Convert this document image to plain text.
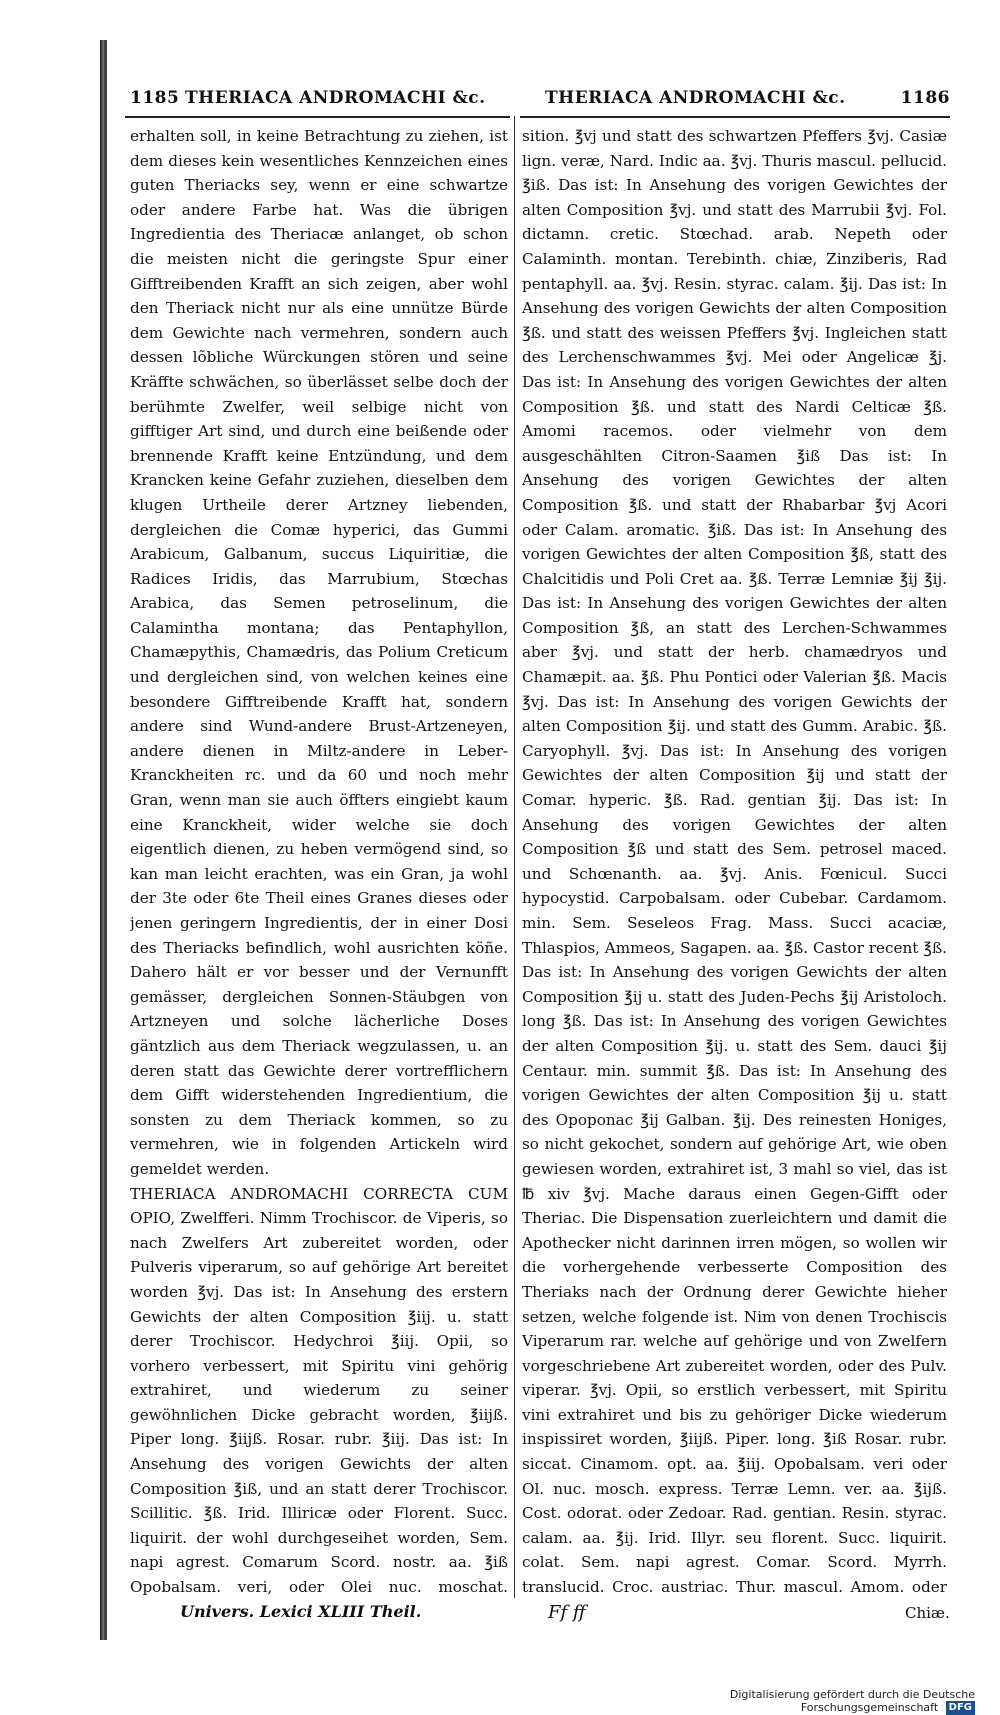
1185 THERIACA ANDROMACHI &c.	THERIACA ANDROMACHI &c.	1186

erhalten soll, in keine Betrachtung zu ziehen, ist dem dieses kein wesentliches Kennzeichen eines guten Theriacks sey, wenn er eine schwartze oder andere Farbe hat. Was die übrigen Ingredientia des Theriacæ anlanget, ob schon die meisten nicht die geringste Spur einer Gifftreibenden Krafft an sich zeigen, aber wohl den Theriack nicht nur als eine unnütze Bürde dem Gewichte nach vermehren, sondern auch dessen lõbliche Würckungen stören und seine Kräffte schwächen, so überlässet selbe doch der berühmte Zwelfer, weil selbige nicht von gifftiger Art sind, und durch eine beißende oder brennende Krafft keine Entzündung, und dem Krancken keine Gefahr zuziehen, dieselben dem klugen Urtheile derer Artzney liebenden, dergleichen die Comæ hyperici, das Gummi Arabicum, Galbanum, succus Liquiritiæ, die Radices Iridis, das Marrubium, Stœchas Arabica, das Semen petroselinum, die Calamintha montana; das Pentaphyllon, Chamæpythis, Chamædris, das Polium Creticum und dergleichen sind, von welchen keines eine besondere Gifftreibende Krafft hat, sondern andere sind Wund-andere Brust-Artzeneyen, andere dienen in Miltz-andere in Leber-Kranckheiten rc. und da 60 und noch mehr Gran, wenn man sie auch öffters eingiebt kaum eine Kranckheit, wider welche sie doch eigentlich dienen, zu heben vermögend sind, so kan man leicht erachten, was ein Gran, ja wohl der 3te oder 6te Theil eines Granes dieses oder jenen geringern Ingredientis, der in einer Dosi des Theriacks befindlich, wohl ausrichten köñe. Dahero hält er vor besser und der Vernunfft gemässer, dergleichen Sonnen-Stäubgen von Artzneyen und solche lächerliche Doses gäntzlich aus dem Theriack wegzulassen, u. an deren statt das Gewichte derer vortrefflichern dem Gifft widerstehenden Ingredientium, die sonsten zu dem Theriack kommen, so zu vermehren, wie in folgenden Artickeln wird gemeldet werden.

THERIACA ANDROMACHI CORRECTA CUM OPIO, Zwelfferi. Nimm Trochiscor. de Viperis, so nach Zwelfers Art zubereitet worden, oder Pulveris viperarum, so auf gehörige Art bereitet worden ℥vj. Das ist: In Ansehung des erstern Gewichts der alten Composition ℥iij. u. statt derer Trochiscor. Hedychroi ℥iij. Opii, so vorhero verbessert, mit Spiritu vini gehörig extrahiret, und wiederum zu seiner gewöhnlichen Dicke gebracht worden, ℥iijß. Piper long. ℥iijß. Rosar. rubr. ℥iij. Das ist: In Ansehung des vorigen Gewichts der alten Composition ℥iß, und an statt derer Trochiscor. Scillitic. ℥ß. Irid. Illiricæ oder Florent. Succ. liquirit. der wohl durchgeseihet worden, Sem. napi agrest. Comarum Scord. nostr. aa. ℥iß Opobalsam. veri, oder Olei nuc. moschat.

sition. ℥vj und statt des schwartzen Pfeffers ℥vj. Casiæ lign. veræ, Nard. Indic aa. ℥vj. Thuris mascul. pellucid. ℥iß. Das ist: In Ansehung des vorigen Gewichtes der alten Composition ℥vj. und statt des Marrubii ℥vj. Fol. dictamn. cretic. Stœchad. arab. Nepeth oder Calaminth. montan. Terebinth. chiæ, Zinziberis, Rad pentaphyll. aa. ℥vj. Resin. styrac. calam. ℥ij. Das ist: In Ansehung des vorigen Gewichts der alten Composition ℥ß. und statt des weissen Pfeffers ℥vj. Ingleichen statt des Lerchenschwammes ℥vj. Mei oder Angelicæ ℥j. Das ist: In Ansehung des vorigen Gewichtes der alten Composition ℥ß. und statt des Nardi Celticæ ℥ß. Amomi racemos. oder vielmehr von dem ausgeschählten Citron-Saamen ℥iß Das ist: In Ansehung des vorigen Gewichtes der alten Composition ℥ß. und statt der Rhabarbar ℥vj Acori oder Calam. aromatic. ℥iß. Das ist: In Ansehung des vorigen Gewichtes der alten Composition ℥ß, statt des Chalcitidis und Poli Cret aa. ℥ß. Terræ Lemniæ ℥ij ℥ij. Das ist: In Ansehung des vorigen Gewichtes der alten Composition ℥ß, an statt des Lerchen-Schwammes aber ℥vj. und statt der herb. chamædryos und Chamæpit. aa. ℥ß. Phu Pontici oder Valerian ℥ß. Macis ℥vj. Das ist: In Ansehung des vorigen Gewichts der alten Composition ℥ij. und statt des Gumm. Arabic. ℥ß. Caryophyll. ℥vj. Das ist: In Ansehung des vorigen Gewichtes der alten Composition ℥ij und statt der Comar. hyperic. ℥ß. Rad. gentian ℥ij. Das ist: In Ansehung des vorigen Gewichtes der alten Composition ℥ß und statt des Sem. petrosel maced. und Schœnanth. aa. ℥vj. Anis. Fœnicul. Succi hypocystid. Carpobalsam. oder Cubebar. Cardamom. min. Sem. Seseleos Frag. Mass. Succi acaciæ, Thlaspios, Ammeos, Sagapen. aa. ℥ß. Castor recent ℥ß. Das ist: In Ansehung des vorigen Gewichts der alten Composition ℥ij u. statt des Juden-Pechs ℥ij Aristoloch. long ℥ß. Das ist: In Ansehung des vorigen Gewichtes der alten Composition ℥ij. u. statt des Sem. dauci ℥ij Centaur. min. summit ℥ß. Das ist: In Ansehung des vorigen Gewichtes der alten Composition ℥ij u. statt des Opoponac ℥ij Galban. ℥ij. Des reinesten Honiges, so nicht gekochet, sondern auf gehörige Art, wie oben gewiesen worden, extrahiret ist, 3 mahl so viel, das ist ℔ xiv ℥vj. Mache daraus einen Gegen-Gifft oder Theriac. Die Dispensation zuerleichtern und damit die Apothecker nicht darinnen irren mögen, so wollen wir die vorhergehende verbesserte Composition des Theriaks nach der Ordnung derer Gewichte hieher setzen, welche folgende ist. Nim von denen Trochiscis Viperarum rar. welche auf gehörige und von Zwelfern vorgeschriebene Art zubereitet worden, oder des Pulv. viperar. ℥vj. Opii, so erstlich verbessert, mit Spiritu vini extrahiret und bis zu gehöriger Dicke wiederum inspissiret worden, ℥iijß. Piper. long. ℥iß Rosar. rubr. siccat. Cinamom. opt. aa. ℥iij. Opobalsam. veri oder Ol. nuc. mosch. express. Terræ Lemn. ver. aa. ℥ijß. Cost. odorat. oder Zedoar. Rad. gentian. Resin. styrac. calam. aa. ℥ij. Irid. Illyr. seu florent. Succ. liquirit. colat. Sem. napi agrest. Comar. Scord. Myrrh. translucid. Croc. austriac. Thur. mascul. Amom. oder

Univers. Lexici XLIII Theil.	Ff ff	Chiæ.
Digitalisierung gefördert durch die Deutsche Forschungsgemeinschaft DFG
